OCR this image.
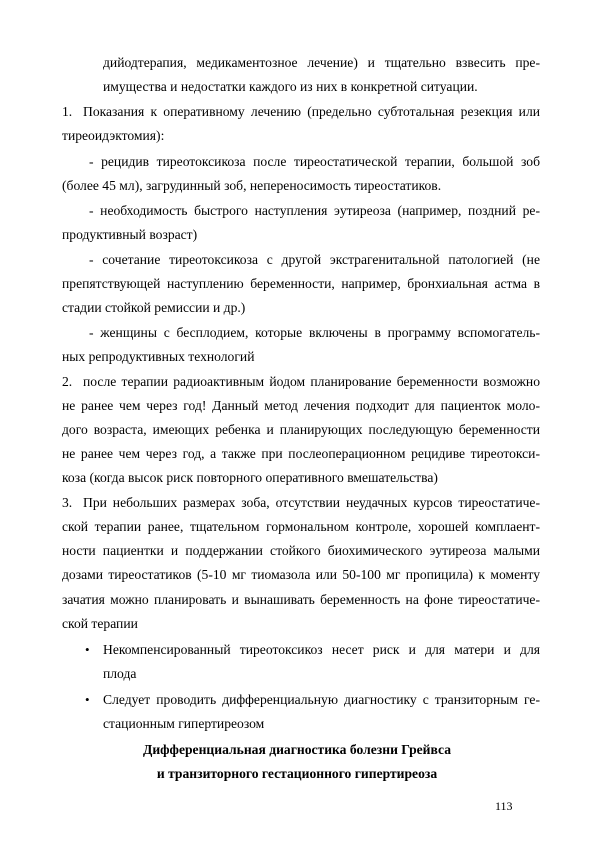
дийодтерапия, медикаментозное лечение) и тщательно взвесить пре-
имущества и недостатки каждого из них в конкретной ситуации.
1. Показания к оперативному лечению (предельно субтотальная резекция или
тиреоидэктомия):
- рецидив тиреотоксикоза после тиреостатической терапии, большой зоб
(более 45 мл), загрудинный зоб, непереносимость тиреостатиков.
- необходимость быстрого наступления эутиреоза (например, поздний ре-
продуктивный возраст)
- сочетание тиреотоксикоза с другой экстрагенитальной патологией (не
препятствующей наступлению беременности, например, бронхиальная астма в
стадии стойкой ремиссии и др.)
- женщины с бесплодием, которые включены в программу вспомогатель-
ных репродуктивных технологий
2. после терапии радиоактивным йодом планирование беременности возможно
не ранее чем через год! Данный метод лечения подходит для пациенток моло-
дого возраста, имеющих ребенка и планирующих последующую беременности
не ранее чем через год, а также при послеоперационном рецидиве тиреотокси-
коза (когда высок риск повторного оперативного вмешательства)
3. При небольших размерах зоба, отсутствии неудачных курсов тиреостатиче-
ской терапии ранее, тщательном гормональном контроле, хорошей комплаент-
ности пациентки и поддержании стойкого биохимического эутиреоза малыми
дозами тиреостатиков (5-10 мг тиомазола или 50-100 мг пропицила) к моменту
зачатия можно планировать и вынашивать беременность на фоне тиреостатиче-
ской терапии
• Некомпенсированный тиреотоксикоз несет риск и для матери и для
плода
• Следует проводить дифференциальную диагностику с транзиторным ге-
стационным гипертиреозом
Дифференциальная диагностика болезни Грейвса
и транзиторного гестационного гипертиреоза
113
